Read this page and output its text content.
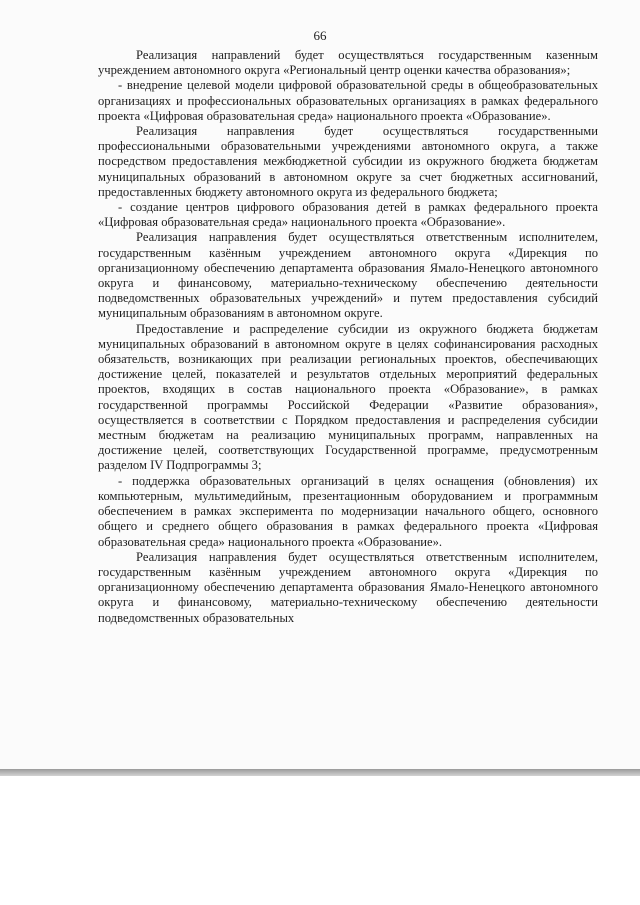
66

Реализация направлений будет осуществляться государственным казенным учреждением автономного округа «Региональный центр оценки качества образования»;

- внедрение целевой модели цифровой образовательной среды в общеобразовательных организациях и профессиональных образовательных организациях в рамках федерального проекта «Цифровая образовательная среда» национального проекта «Образование».

Реализация направления будет осуществляться государственными профессиональными образовательными учреждениями автономного округа, а также посредством предоставления межбюджетной субсидии из окружного бюджета бюджетам муниципальных образований в автономном округе за счет бюджетных ассигнований, предоставленных бюджету автономного округа из федерального бюджета;

- создание центров цифрового образования детей в рамках федерального проекта «Цифровая образовательная среда» национального проекта «Образование».

Реализация направления будет осуществляться ответственным исполнителем, государственным казённым учреждением автономного округа «Дирекция по организационному обеспечению департамента образования Ямало-Ненецкого автономного округа и финансовому, материально-техническому обеспечению деятельности подведомственных образовательных учреждений» и путем предоставления субсидий муниципальным образованиям в автономном округе.

Предоставление и распределение субсидии из окружного бюджета бюджетам муниципальных образований в автономном округе в целях софинансирования расходных обязательств, возникающих при реализации региональных проектов, обеспечивающих достижение целей, показателей и результатов отдельных мероприятий федеральных проектов, входящих в состав национального проекта «Образование», в рамках государственной программы Российской Федерации «Развитие образования», осуществляется в соответствии с Порядком предоставления и распределения субсидии местным бюджетам на реализацию муниципальных программ, направленных на достижение целей, соответствующих Государственной программе, предусмотренным разделом IV Подпрограммы 3;

- поддержка образовательных организаций в целях оснащения (обновления) их компьютерным, мультимедийным, презентационным оборудованием и программным обеспечением в рамках эксперимента по модернизации начального общего, основного общего и среднего общего образования в рамках федерального проекта «Цифровая образовательная среда» национального проекта «Образование».

Реализация направления будет осуществляться ответственным исполнителем, государственным казённым учреждением автономного округа «Дирекция по организационному обеспечению департамента образования Ямало-Ненецкого автономного округа и финансовому, материально-техническому обеспечению деятельности подведомственных образовательных
